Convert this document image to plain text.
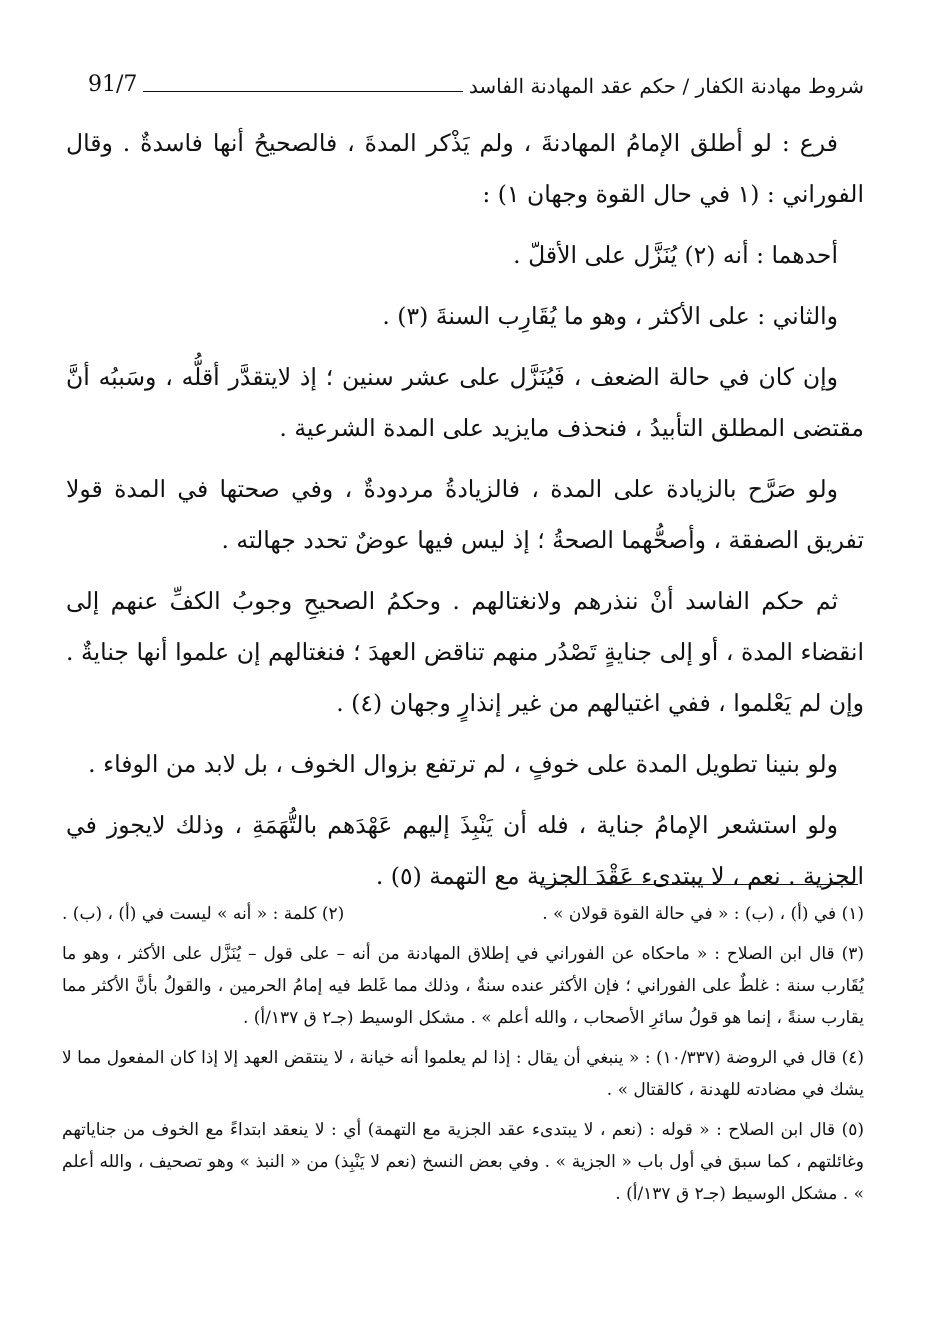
شروط مهادنة الكفار / حكم عقد المهادنة الفاسد
91/7

فرع : لو أطلق الإمامُ المهادنةَ ، ولم يَذْكر المدةَ ، فالصحيحُ أنها فاسدةٌ . وقال الفوراني : (١ في حال القوة وجهان ١) :

أحدهما : أنه (٢) يُنَزَّل على الأقلّ .

والثاني : على الأكثر ، وهو ما يُقَارِب السنةَ (٣) .

وإن كان في حالة الضعف ، فَيُنَزَّل على عشر سنين ؛ إذ لايتقدَّر أقلُّه ، وسَببُه أنَّ مقتضى المطلق التأبيدُ ، فنحذف مايزيد على المدة الشرعية .

ولو صَرَّح بالزيادة على المدة ، فالزيادةُ مردودةٌ ، وفي صحتها في المدة قولا تفريق الصفقة ، وأصحُّهما الصحةُ ؛ إذ ليس فيها عوضٌ تحدد جهالته .

ثم حكم الفاسد أنْ ننذرهم ولانغتالهم . وحكمُ الصحيحِ وجوبُ الكفِّ عنهم إلى انقضاء المدة ، أو إلى جنايةٍ تَصْدُر منهم تناقض العهدَ ؛ فنغتالهم إن علموا أنها جنايةٌ . وإن لم يَعْلموا ، ففي اغتيالهم من غير إنذارٍ وجهان (٤) .

ولو بنينا تطويل المدة على خوفٍ ، لم ترتفع بزوال الخوف ، بل لابد من الوفاء .

ولو استشعر الإمامُ جناية ، فله أن يَنْبِذَ إليهم عَهْدَهم بالتُّهَمَةِ ، وذلك لايجوز في الجزية . نعم ، لا يبتدىء عَقْدَ الجزية مع التهمة (٥) .

(١) في (أ) ، (ب) : « في حالة القوة قولان » .
(٢) كلمة : « أنه » ليست في (أ) ، (ب) .
(٣) قال ابن الصلاح : « ماحكاه عن الفوراني في إطلاق المهادنة من أنه – على قول – يُنَزَّل على الأكثر ، وهو ما يُقَارب سنة : غلطٌ على الفوراني ؛ فإن الأكثر عنده سنةٌ ، وذلك مما غَلط فيه إمامُ الحرمين ، والقولُ بأنَّ الأكثر مما يقارب سنةً ، إنما هو قولُ سائرِ الأصحاب ، والله أعلم » . مشكل الوسيط (جـ٢ ق ١٣٧/أ) .
(٤) قال في الروضة (١٠/٣٣٧) : « ينبغي أن يقال : إذا لم يعلموا أنه خيانة ، لا ينتقض العهد إلا إذا كان المفعول مما لا يشك في مضادته للهدنة ، كالقتال » .
(٥) قال ابن الصلاح : « قوله : (نعم ، لا يبتدىء عقد الجزية مع التهمة) أي : لا ينعقد ابتداءً مع الخوف من جناياتهم وغائلتهم ، كما سبق في أول باب « الجزية » . وفي بعض النسخ (نعم لا يَنْبِذ) من « النبذ » وهو تصحيف ، والله أعلم » . مشكل الوسيط (جـ٢ ق ١٣٧/أ) .
